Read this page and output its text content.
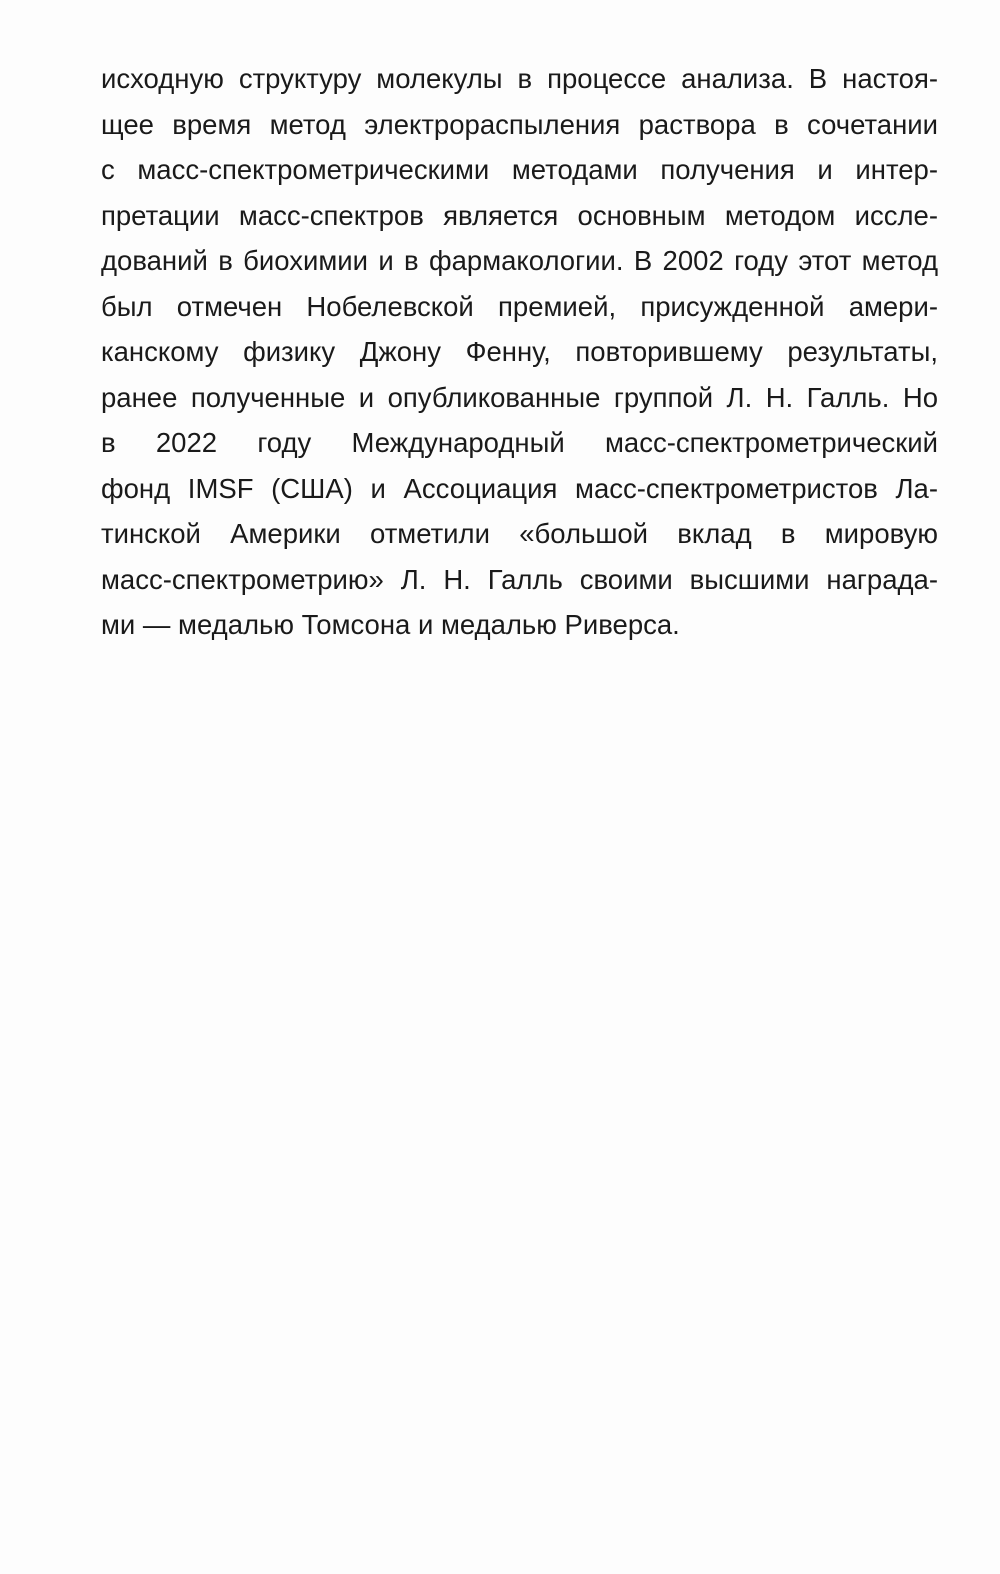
исходную структуру молекулы в процессе анализа. В настоя-
щее время метод электрораспыления раствора в сочетании
с масс-спектрометрическими методами получения и интер-
претации масс-спектров является основным методом иссле-
дований в биохимии и в фармакологии. В 2002 году этот метод
был отмечен Нобелевской премией, присужденной амери-
канскому физику Джону Фенну, повторившему результаты,
ранее полученные и опубликованные группой Л. Н. Галль. Но
в 2022 году Международный масс-спектрометрический
фонд IMSF (США) и Ассоциация масс-спектрометристов Ла-
тинской Америки отметили «большой вклад в мировую
масс-спектрометрию» Л. Н. Галль своими высшими награда-
ми — медалью Томсона и медалью Риверса.
